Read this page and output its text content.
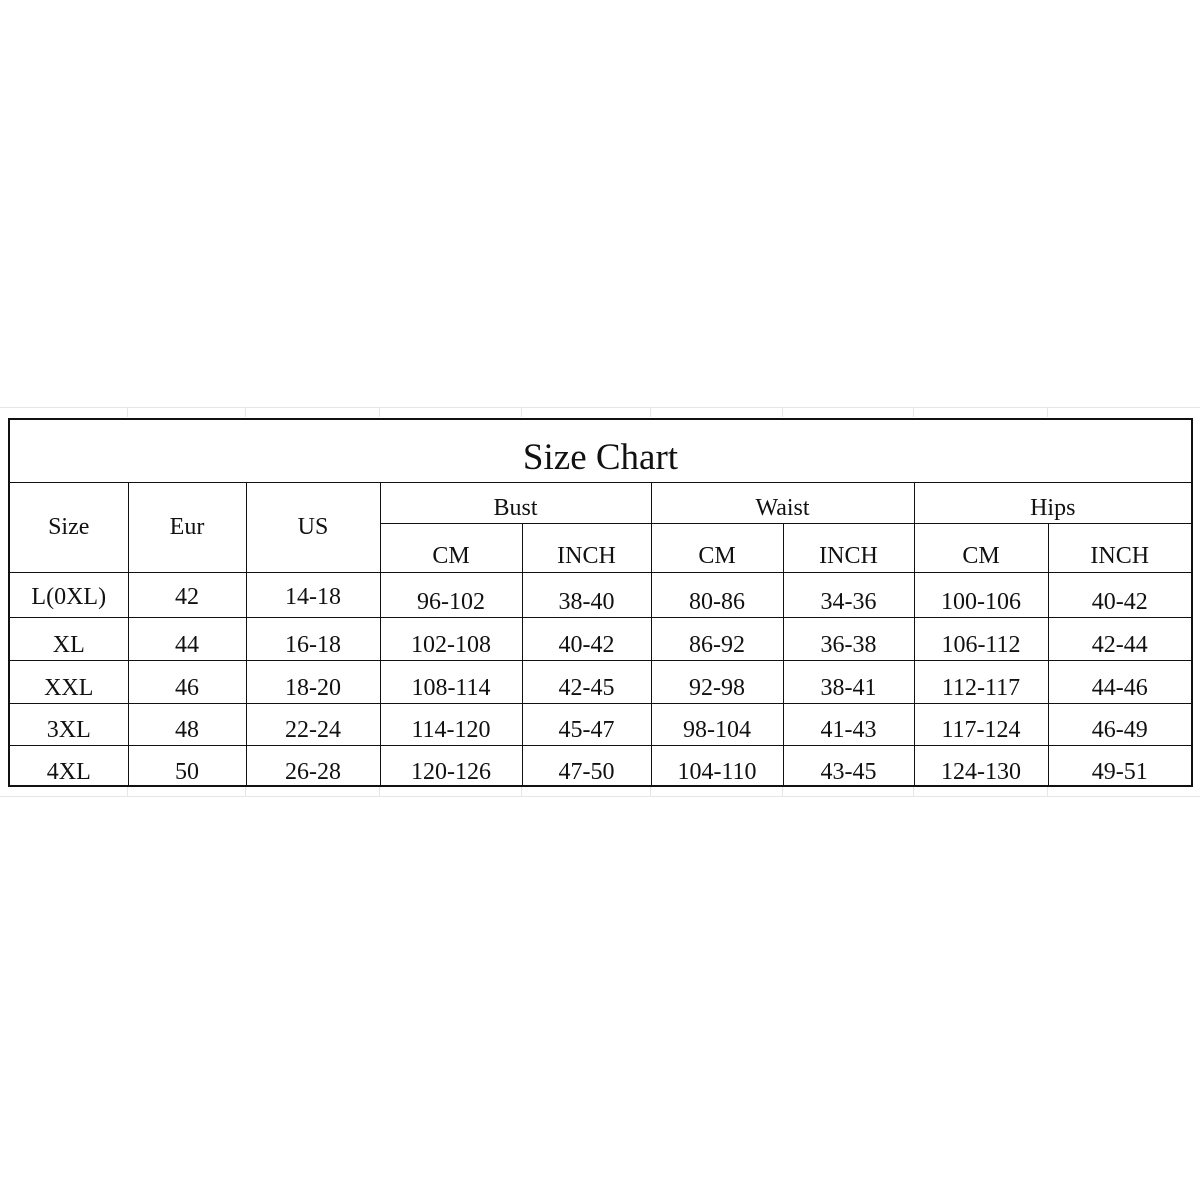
Size Chart								
Size	Eur	US	Bust		Waist		Hips	
			CM	INCH	CM	INCH	CM	INCH
L(0XL)	42	14-18	96-102	38-40	80-86	34-36	100-106	40-42
XL	44	16-18	102-108	40-42	86-92	36-38	106-112	42-44
XXL	46	18-20	108-114	42-45	92-98	38-41	112-117	44-46
3XL	48	22-24	114-120	45-47	98-104	41-43	117-124	46-49
4XL	50	26-28	120-126	47-50	104-110	43-45	124-130	49-51
